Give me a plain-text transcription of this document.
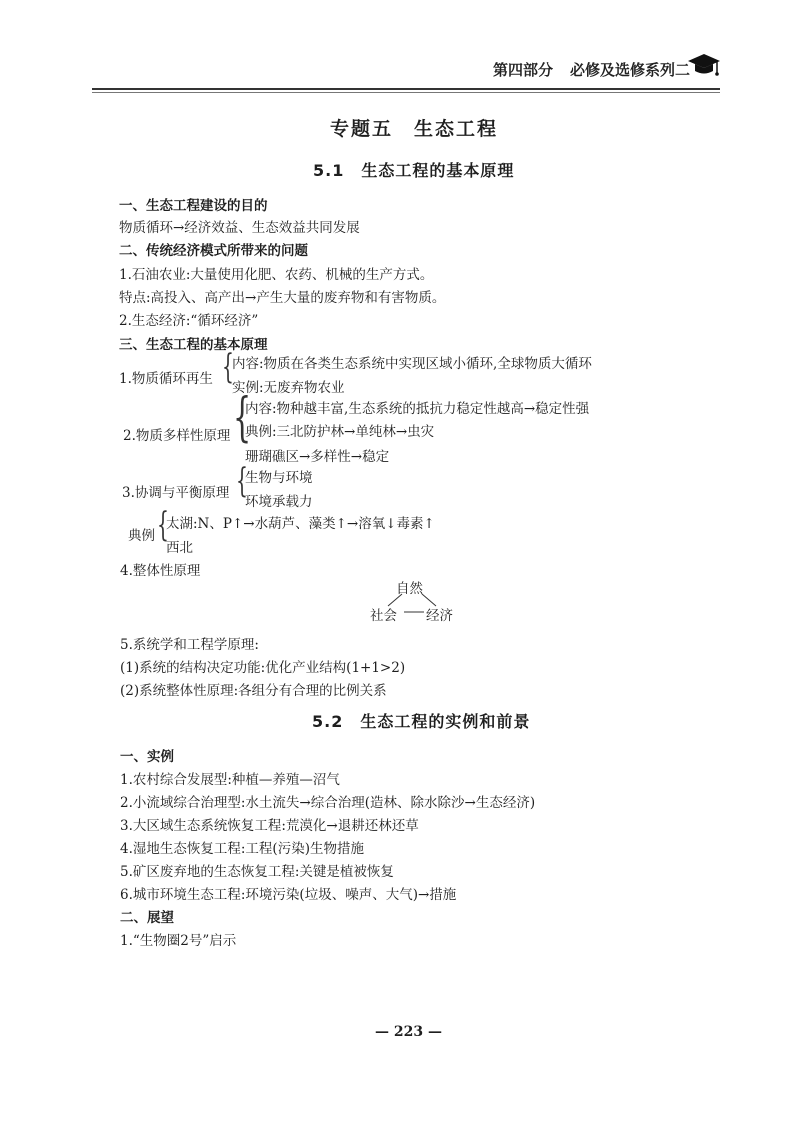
第四部分 必修及选修系列二
专题五　生态工程
5.1　生态工程的基本原理
一、生态工程建设的目的
物质循环→经济效益、生态效益共同发展
二、传统经济模式所带来的问题
1.石油农业:大量使用化肥、农药、机械的生产方式。
特点:高投入、高产出→产生大量的废弃物和有害物质。
2.生态经济:“循环经济”
三、生态工程的基本原理
1.物质循环再生 {
内容:物质在各类生态系统中实现区域小循环,全球物质大循环
实例:无废弃物农业
2.物质多样性原理 {
内容:物种越丰富,生态系统的抵抗力稳定性越高→稳定性强
典例:三北防护林→单纯林→虫灾
珊瑚礁区→多样性→稳定
3.协调与平衡原理 {
生物与环境
环境承载力
典例 {
太湖:N、P↑→水葫芦、藻类↑→溶氧↓毒素↑
西北
4.整体性原理
自然
社会 经济
5.系统学和工程学原理:
(1)系统的结构决定功能:优化产业结构(1+1>2)
(2)系统整体性原理:各组分有合理的比例关系
5.2　生态工程的实例和前景
一、实例
1.农村综合发展型:种植—养殖—沼气
2.小流域综合治理型:水土流失→综合治理(造林、除水除沙→生态经济)
3.大区域生态系统恢复工程:荒漠化→退耕还林还草
4.湿地生态恢复工程:工程(污染)生物措施
5.矿区废弃地的生态恢复工程:关键是植被恢复
6.城市环境生态工程:环境污染(垃圾、噪声、大气)→措施
二、展望
1.“生物圈2号”启示
— 223 —
